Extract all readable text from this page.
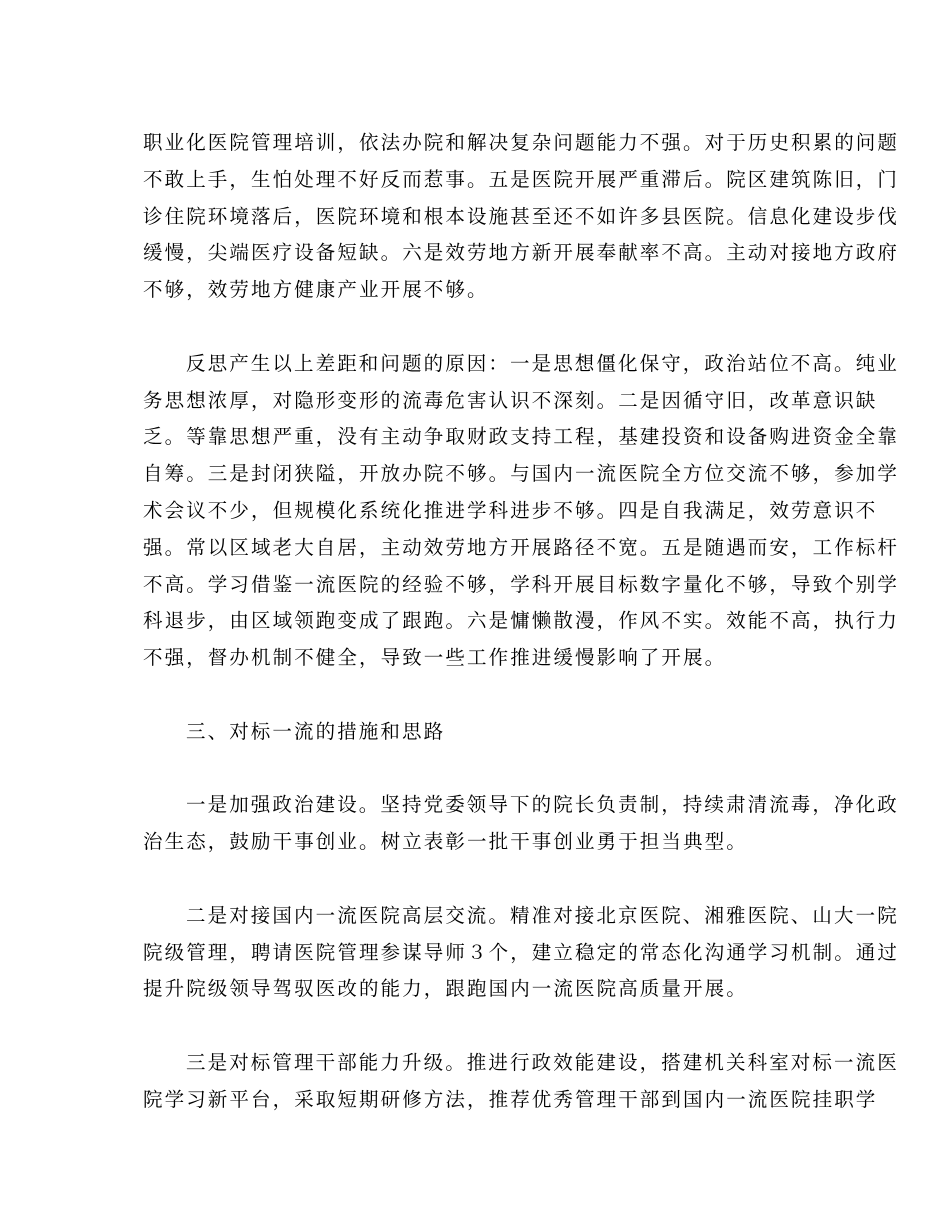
职业化医院管理培训，依法办院和解决复杂问题能力不强。对于历史积累的问题
不敢上手，生怕处理不好反而惹事。五是医院开展严重滞后。院区建筑陈旧，门
诊住院环境落后，医院环境和根本设施甚至还不如许多县医院。信息化建设步伐
缓慢，尖端医疗设备短缺。六是效劳地方新开展奉献率不高。主动对接地方政府
不够，效劳地方健康产业开展不够。
反思产生以上差距和问题的原因：一是思想僵化保守，政治站位不高。纯业
务思想浓厚，对隐形变形的流毒危害认识不深刻。二是因循守旧，改革意识缺
乏。等靠思想严重，没有主动争取财政支持工程，基建投资和设备购进资金全靠
自筹。三是封闭狭隘，开放办院不够。与国内一流医院全方位交流不够，参加学
术会议不少，但规模化系统化推进学科进步不够。四是自我满足，效劳意识不
强。常以区域老大自居，主动效劳地方开展路径不宽。五是随遇而安，工作标杆
不高。学习借鉴一流医院的经验不够，学科开展目标数字量化不够，导致个别学
科退步，由区域领跑变成了跟跑。六是慵懒散漫，作风不实。效能不高，执行力
不强，督办机制不健全，导致一些工作推进缓慢影响了开展。
三、对标一流的措施和思路
一是加强政治建设。坚持党委领导下的院长负责制，持续肃清流毒，净化政
治生态，鼓励干事创业。树立表彰一批干事创业勇于担当典型。
二是对接国内一流医院高层交流。精准对接北京医院、湘雅医院、山大一院
院级管理，聘请医院管理参谋导师３个，建立稳定的常态化沟通学习机制。通过
提升院级领导驾驭医改的能力，跟跑国内一流医院高质量开展。
三是对标管理干部能力升级。推进行政效能建设，搭建机关科室对标一流医
院学习新平台，采取短期研修方法，推荐优秀管理干部到国内一流医院挂职学
